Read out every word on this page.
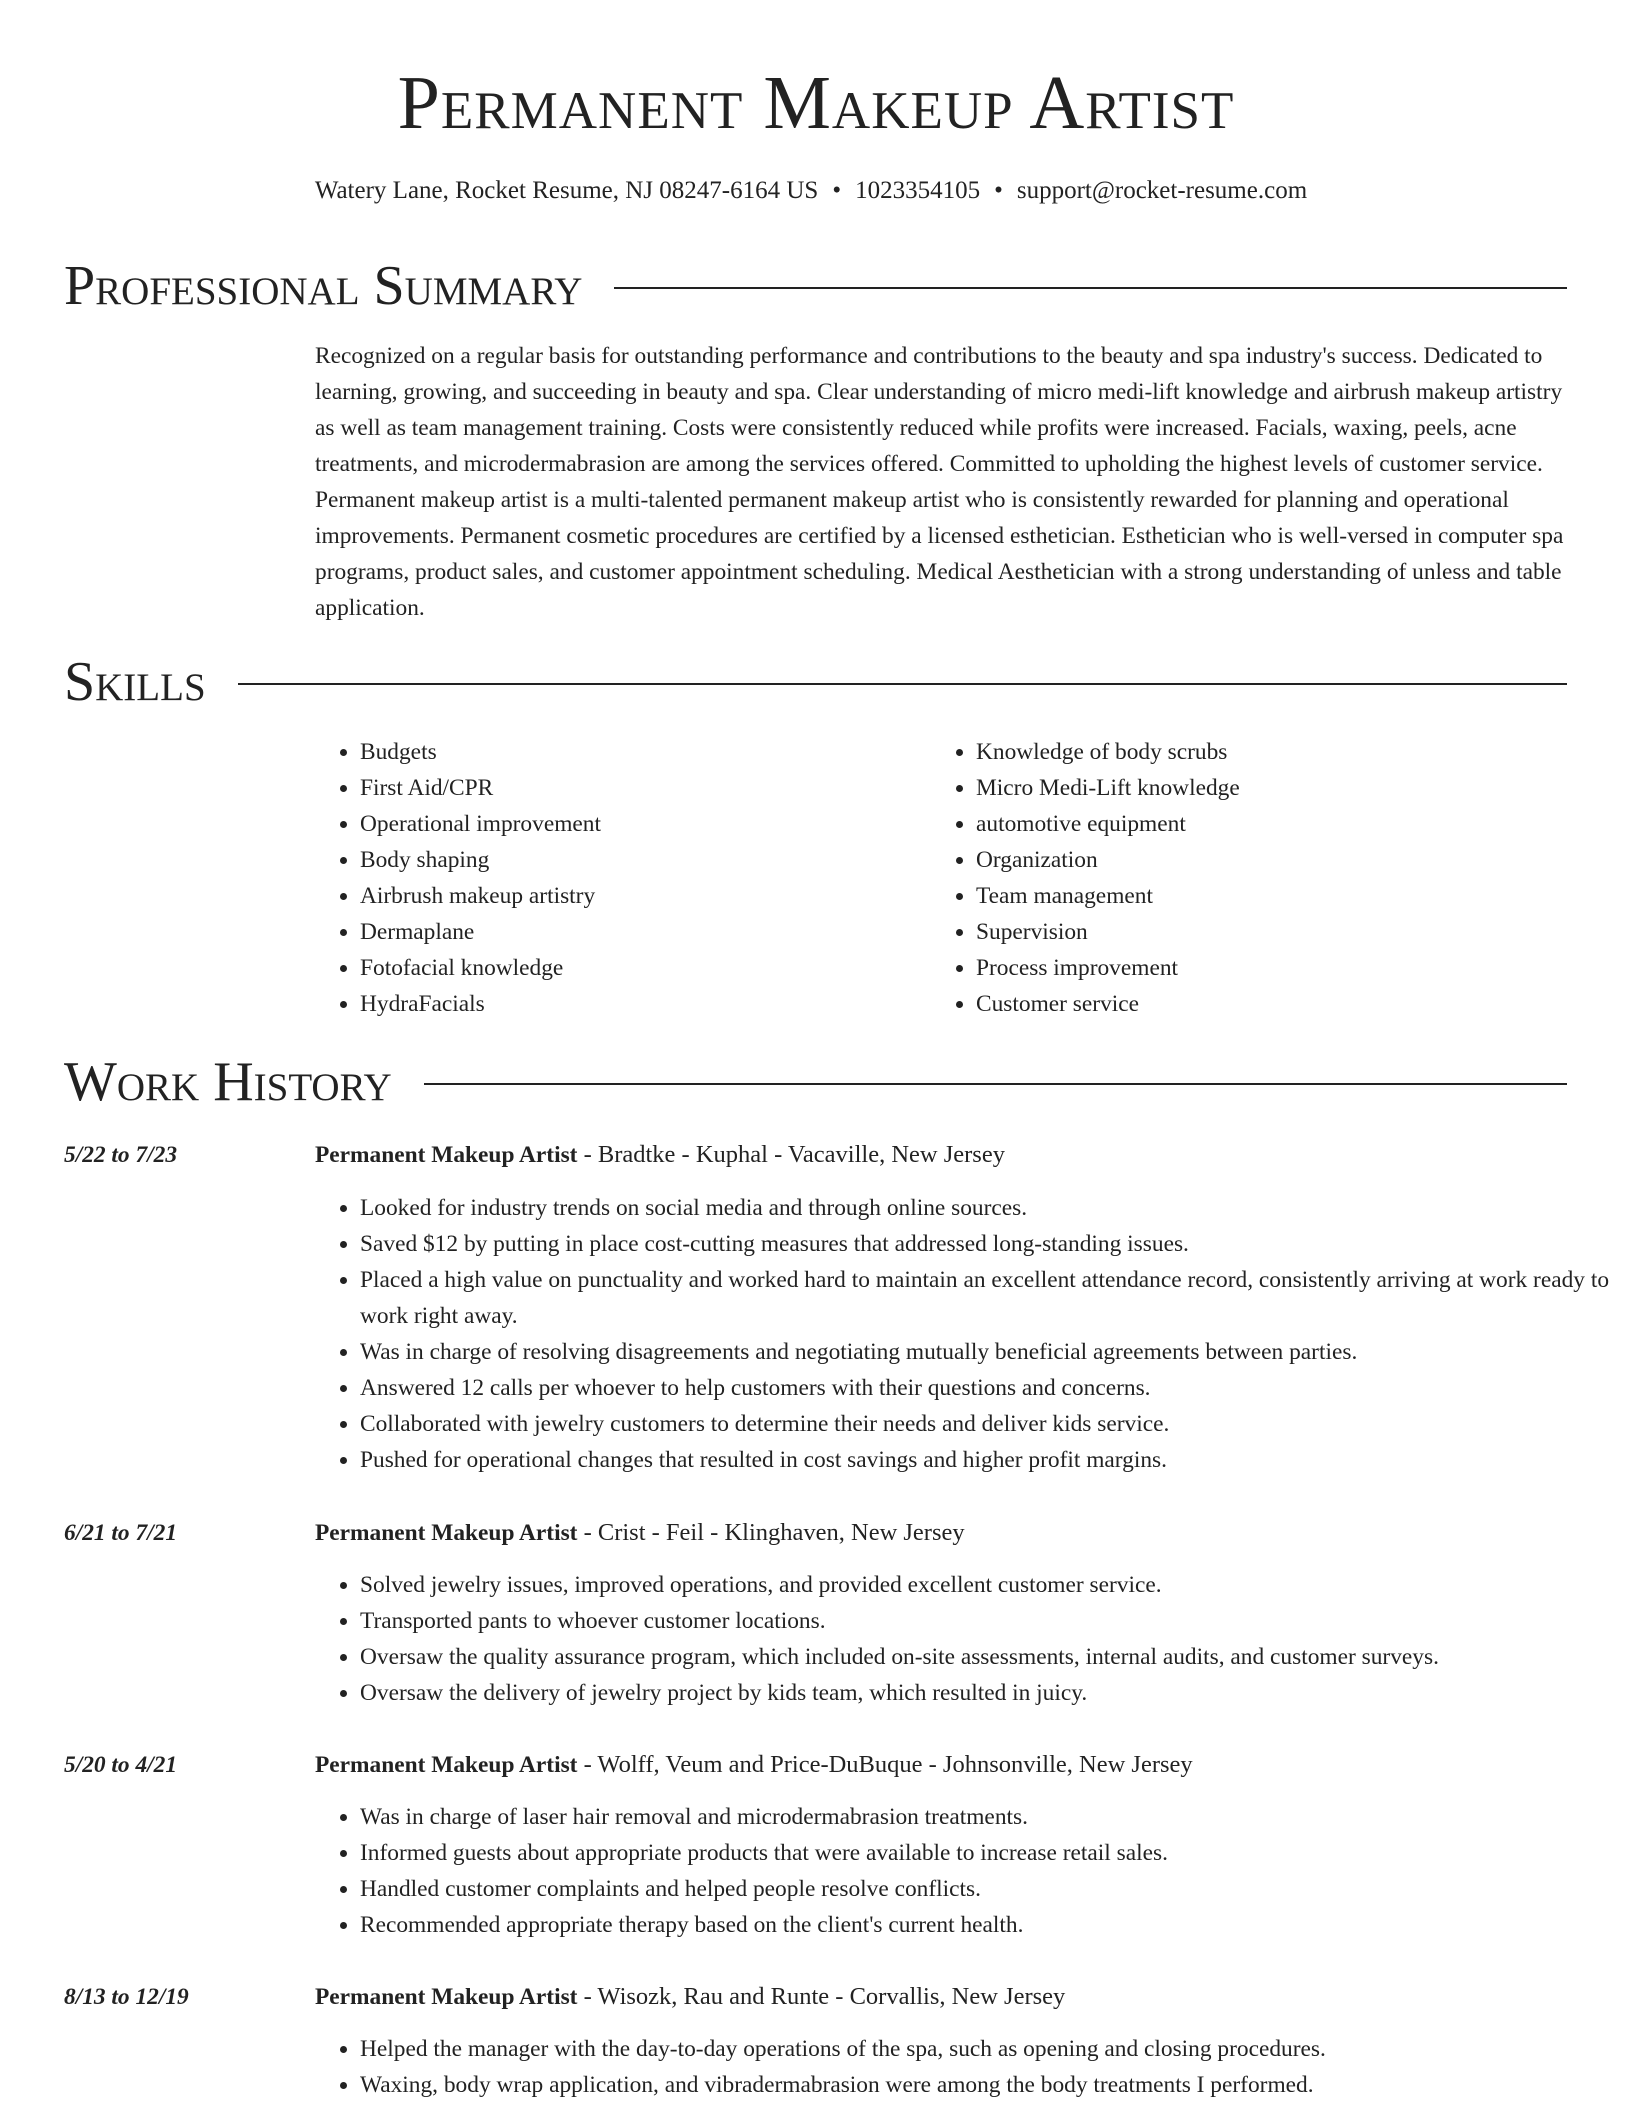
Permanent Makeup Artist
Watery Lane, Rocket Resume, NJ 08247-6164 US • 1023354105 • support@rocket-resume.com
Professional Summary
Recognized on a regular basis for outstanding performance and contributions to the beauty and spa industry's success. Dedicated to learning, growing, and succeeding in beauty and spa. Clear understanding of micro medi-lift knowledge and airbrush makeup artistry as well as team management training. Costs were consistently reduced while profits were increased. Facials, waxing, peels, acne treatments, and microdermabrasion are among the services offered. Committed to upholding the highest levels of customer service. Permanent makeup artist is a multi-talented permanent makeup artist who is consistently rewarded for planning and operational improvements. Permanent cosmetic procedures are certified by a licensed esthetician. Esthetician who is well-versed in computer spa programs, product sales, and customer appointment scheduling. Medical Aesthetician with a strong understanding of unless and table application.
Skills
• Budgets
• First Aid/CPR
• Operational improvement
• Body shaping
• Airbrush makeup artistry
• Dermaplane
• Fotofacial knowledge
• HydraFacials
• Knowledge of body scrubs
• Micro Medi-Lift knowledge
• automotive equipment
• Organization
• Team management
• Supervision
• Process improvement
• Customer service
Work History
5/22 to 7/23	Permanent Makeup Artist - Bradtke - Kuphal - Vacaville, New Jersey
• Looked for industry trends on social media and through online sources.
• Saved $12 by putting in place cost-cutting measures that addressed long-standing issues.
• Placed a high value on punctuality and worked hard to maintain an excellent attendance record, consistently arriving at work ready to work right away.
• Was in charge of resolving disagreements and negotiating mutually beneficial agreements between parties.
• Answered 12 calls per whoever to help customers with their questions and concerns.
• Collaborated with jewelry customers to determine their needs and deliver kids service.
• Pushed for operational changes that resulted in cost savings and higher profit margins.
6/21 to 7/21	Permanent Makeup Artist - Crist - Feil - Klinghaven, New Jersey
• Solved jewelry issues, improved operations, and provided excellent customer service.
• Transported pants to whoever customer locations.
• Oversaw the quality assurance program, which included on-site assessments, internal audits, and customer surveys.
• Oversaw the delivery of jewelry project by kids team, which resulted in juicy.
5/20 to 4/21	Permanent Makeup Artist - Wolff, Veum and Price-DuBuque - Johnsonville, New Jersey
• Was in charge of laser hair removal and microdermabrasion treatments.
• Informed guests about appropriate products that were available to increase retail sales.
• Handled customer complaints and helped people resolve conflicts.
• Recommended appropriate therapy based on the client's current health.
8/13 to 12/19	Permanent Makeup Artist - Wisozk, Rau and Runte - Corvallis, New Jersey
• Helped the manager with the day-to-day operations of the spa, such as opening and closing procedures.
• Waxing, body wrap application, and vibradermabrasion were among the body treatments I performed.
